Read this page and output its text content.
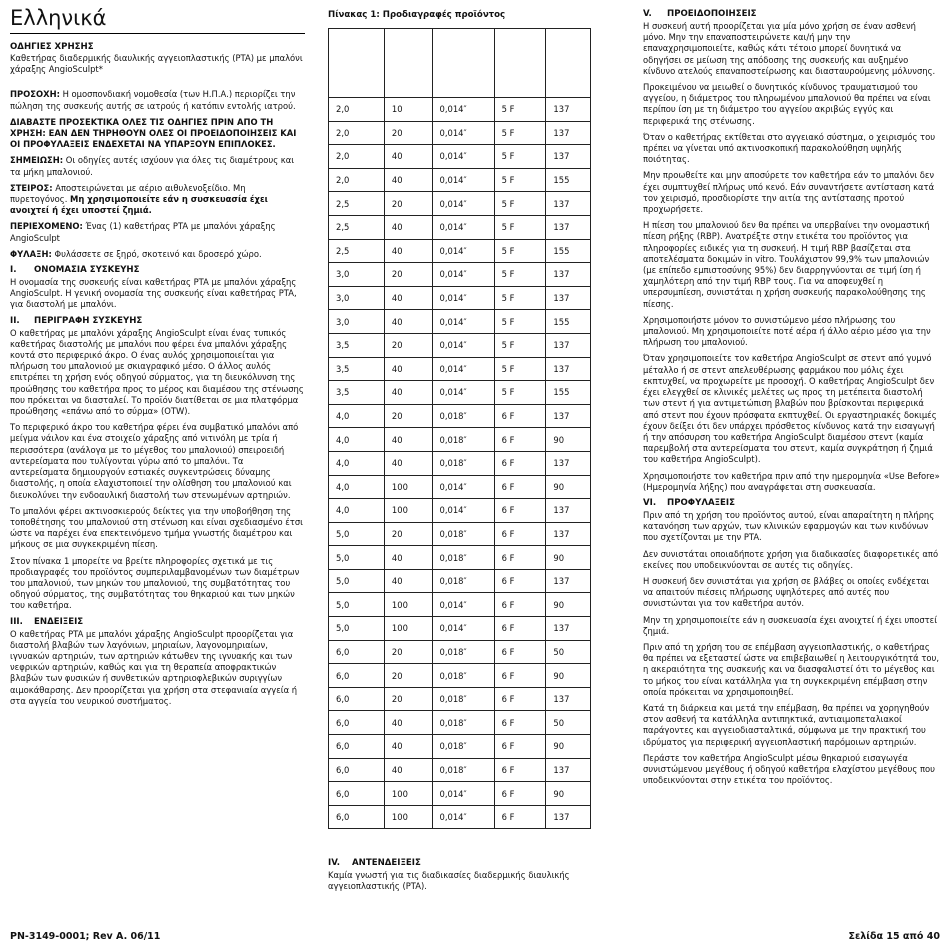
Ελληνικά

ΟΔΗΓΙΕΣ ΧΡΗΣΗΣ

Καθετήρας διαδερμικής διαυλικής αγγειοπλαστικής (PTA) με μπαλόνι χάραξης AngioSculpt*

ΠΡΟΣΟΧΗ: Η ομοσπονδιακή νομοθεσία (των Η.Π.Α.) περιορίζει την πώληση της συσκευής αυτής σε ιατρούς ή κατόπιν εντολής ιατρού.

ΔΙΑΒΑΣΤΕ ΠΡΟΣΕΚΤΙΚΑ ΟΛΕΣ ΤΙΣ ΟΔΗΓΙΕΣ ΠΡΙΝ ΑΠΟ ΤΗ ΧΡΗΣΗ: ΕΑΝ ΔΕΝ ΤΗΡΗΘΟΥΝ ΟΛΕΣ ΟΙ ΠΡΟΕΙΔΟΠΟΙΗΣΕΙΣ ΚΑΙ ΟΙ ΠΡΟΦΥΛΑΞΕΙΣ ΕΝΔΕΧΕΤΑΙ ΝΑ ΥΠΑΡΞΟΥΝ ΕΠΙΠΛΟΚΕΣ.

ΣΗΜΕΙΩΣΗ: Οι οδηγίες αυτές ισχύουν για όλες τις διαμέτρους και τα μήκη μπαλονιού.

ΣΤΕΙΡΟΣ: Αποστειρώνεται με αέριο αιθυλενοξείδιο. Μη πυρετογόνος. Μη χρησιμοποιείτε εάν η συσκευασία έχει ανοιχτεί ή έχει υποστεί ζημιά.

ΠΕΡΙΕΧΟΜΕΝΟ: Ένας (1) καθετήρας PTA με μπαλόνι χάραξης AngioSculpt

ΦΥΛΑΞΗ: Φυλάσσετε σε ξηρό, σκοτεινό και δροσερό χώρο.

I. ΟΝΟΜΑΣΙΑ ΣΥΣΚΕΥΗΣ

Η ονομασία της συσκευής είναι καθετήρας PTA με μπαλόνι χάραξης AngioSculpt. Η γενική ονομασία της συσκευής είναι καθετήρας PTA, για διαστολή με μπαλόνι.

II. ΠΕΡΙΓΡΑΦΗ ΣΥΣΚΕΥΗΣ

Ο καθετήρας με μπαλόνι χάραξης AngioSculpt είναι ένας τυπικός καθετήρας διαστολής με μπαλόνι που φέρει ένα μπαλόνι χάραξης κοντά στο περιφερικό άκρο. Ο ένας αυλός χρησιμοποιείται για πλήρωση του μπαλονιού με σκιαγραφικό μέσο. Ο άλλος αυλός επιτρέπει τη χρήση ενός οδηγού σύρματος, για τη διευκόλυνση της προώθησης του καθετήρα προς το μέρος και διαμέσου της στένωσης που πρόκειται να διασταλεί. Το προϊόν διατίθεται σε μια πλατφόρμα προώθησης «επάνω από το σύρμα» (OTW).

Το περιφερικό άκρο του καθετήρα φέρει ένα συμβατικό μπαλόνι από μείγμα νάιλον και ένα στοιχείο χάραξης από νιτινόλη με τρία ή περισσότερα (ανάλογα με το μέγεθος του μπαλονιού) σπειροειδή αντερείσματα που τυλίγονται γύρω από το μπαλόνι. Τα αντερείσματα δημιουργούν εστιακές συγκεντρώσεις δύναμης διαστολής, η οποία ελαχιστοποιεί την ολίσθηση του μπαλονιού και διευκολύνει την ενδοαυλική διαστολή των στενωμένων αρτηριών.

Το μπαλόνι φέρει ακτινοσκιερούς δείκτες για την υποβοήθηση της τοποθέτησης του μπαλονιού στη στένωση και είναι σχεδιασμένο έτσι ώστε να παρέχει ένα επεκτεινόμενο τμήμα γνωστής διαμέτρου και μήκους σε μια συγκεκριμένη πίεση.

Στον πίνακα 1 μπορείτε να βρείτε πληροφορίες σχετικά με τις προδιαγραφές του προϊόντος συμπεριλαμβανομένων των διαμέτρων του μπαλονιού, των μηκών του μπαλονιού, της συμβατότητας του οδηγού σύρματος, της συμβατότητας του θηκαριού και των μηκών του καθετήρα.

III. ΕΝΔΕΙΞΕΙΣ

Ο καθετήρας PTA με μπαλόνι χάραξης AngioSculpt προορίζεται για διαστολή βλαβών των λαγόνιων, μηριαίων, λαγονομηριαίων, ιγνυακών αρτηριών, των αρτηριών κάτωθεν της ιγνυακής και των νεφρικών αρτηριών, καθώς και για τη θεραπεία αποφρακτικών βλαβών των φυσικών ή συνθετικών αρτηριοφλεβικών συριγγίων αιμοκάθαρσης. Δεν προορίζεται για χρήση στα στεφανιαία αγγεία ή στα αγγεία του νευρικού συστήματος.

Πίνακας 1: Προδιαγραφές προϊόντος

2,0	10	0,014″	5 F	137
2,0	20	0,014″	5 F	137
2,0	40	0,014″	5 F	137
2,0	40	0,014″	5 F	155
2,5	20	0,014″	5 F	137
2,5	40	0,014″	5 F	137
2,5	40	0,014″	5 F	155
3,0	20	0,014″	5 F	137
3,0	40	0,014″	5 F	137
3,0	40	0,014″	5 F	155
3,5	20	0,014″	5 F	137
3,5	40	0,014″	5 F	137
3,5	40	0,014″	5 F	155
4,0	20	0,018″	6 F	137
4,0	40	0,018″	6 F	90
4,0	40	0,018″	6 F	137
4,0	100	0,014″	6 F	90
4,0	100	0,014″	6 F	137
5,0	20	0,018″	6 F	137
5,0	40	0,018″	6 F	90
5,0	40	0,018″	6 F	137
5,0	100	0,014″	6 F	90
5,0	100	0,014″	6 F	137
6,0	20	0,018″	6 F	50
6,0	20	0,018″	6 F	90
6,0	20	0,018″	6 F	137
6,0	40	0,018″	6 F	50
6,0	40	0,018″	6 F	90
6,0	40	0,018″	6 F	137
6,0	100	0,014″	6 F	90
6,0	100	0,014″	6 F	137

IV. ΑΝΤΕΝΔΕΙΞΕΙΣ

Καμία γνωστή για τις διαδικασίες διαδερμικής διαυλικής αγγειοπλαστικής (PTA).

V. ΠΡΟΕΙΔΟΠΟΙΗΣΕΙΣ

Η συσκευή αυτή προορίζεται για μία μόνο χρήση σε έναν ασθενή μόνο. Μην την επαναποστειρώνετε και/ή μην την επαναχρησιμοποιείτε, καθώς κάτι τέτοιο μπορεί δυνητικά να οδηγήσει σε μείωση της απόδοσης της συσκευής και αυξημένο κίνδυνο ατελούς επαναποστείρωσης και διασταυρούμενης μόλυνσης.

Προκειμένου να μειωθεί ο δυνητικός κίνδυνος τραυματισμού του αγγείου, η διάμετρος του πληρωμένου μπαλονιού θα πρέπει να είναι περίπου ίση με τη διάμετρο του αγγείου ακριβώς εγγύς και περιφερικά της στένωσης.

Όταν ο καθετήρας εκτίθεται στο αγγειακό σύστημα, ο χειρισμός του πρέπει να γίνεται υπό ακτινοσκοπική παρακολούθηση υψηλής ποιότητας.

Μην προωθείτε και μην αποσύρετε τον καθετήρα εάν το μπαλόνι δεν έχει συμπτυχθεί πλήρως υπό κενό. Εάν συναντήσετε αντίσταση κατά τον χειρισμό, προσδιορίστε την αιτία της αντίστασης προτού προχωρήσετε.

Η πίεση του μπαλονιού δεν θα πρέπει να υπερβαίνει την ονομαστική πίεση ρήξης (RBP). Ανατρέξτε στην ετικέτα του προϊόντος για πληροφορίες ειδικές για τη συσκευή. Η τιμή RBP βασίζεται στα αποτελέσματα δοκιμών in vitro. Τουλάχιστον 99,9% των μπαλονιών (με επίπεδο εμπιστοσύνης 95%) δεν διαρρηγνύονται σε τιμή ίση ή χαμηλότερη από την τιμή RBP τους. Για να αποφευχθεί η υπερσυμπίεση, συνιστάται η χρήση συσκευής παρακολούθησης της πίεσης.

Χρησιμοποιήστε μόνον το συνιστώμενο μέσο πλήρωσης του μπαλονιού. Μη χρησιμοποιείτε ποτέ αέρα ή άλλο αέριο μέσο για την πλήρωση του μπαλονιού.

Όταν χρησιμοποιείτε τον καθετήρα AngioSculpt σε στεντ από γυμνό μέταλλο ή σε στεντ απελευθέρωσης φαρμάκου που μόλις έχει εκπτυχθεί, να προχωρείτε με προσοχή. Ο καθετήρας AngioSculpt δεν έχει ελεγχθεί σε κλινικές μελέτες ως προς τη μετέπειτα διαστολή των στεντ ή για αντιμετώπιση βλαβών που βρίσκονται περιφερικά από στεντ που έχουν πρόσφατα εκπτυχθεί. Οι εργαστηριακές δοκιμές έχουν δείξει ότι δεν υπάρχει πρόσθετος κίνδυνος κατά την εισαγωγή ή την απόσυρση του καθετήρα AngioSculpt διαμέσου στεντ (καμία παρεμβολή στα αντερείσματα του στεντ, καμία συγκράτηση ή ζημιά του καθετήρα AngioSculpt).

Χρησιμοποιήστε τον καθετήρα πριν από την ημερομηνία «Use Before» (Ημερομηνία λήξης) που αναγράφεται στη συσκευασία.

VI. ΠΡΟΦΥΛΑΞΕΙΣ

Πριν από τη χρήση του προϊόντος αυτού, είναι απαραίτητη η πλήρης κατανόηση των αρχών, των κλινικών εφαρμογών και των κινδύνων που σχετίζονται με την PTA.

Δεν συνιστάται οποιαδήποτε χρήση για διαδικασίες διαφορετικές από εκείνες που υποδεικνύονται σε αυτές τις οδηγίες.

Η συσκευή δεν συνιστάται για χρήση σε βλάβες οι οποίες ενδέχεται να απαιτούν πιέσεις πλήρωσης υψηλότερες από αυτές που συνιστώνται για τον καθετήρα αυτόν.

Μην τη χρησιμοποιείτε εάν η συσκευασία έχει ανοιχτεί ή έχει υποστεί ζημιά.

Πριν από τη χρήση του σε επέμβαση αγγειοπλαστικής, ο καθετήρας θα πρέπει να εξεταστεί ώστε να επιβεβαιωθεί η λειτουργικότητά του, η ακεραιότητα της συσκευής και να διασφαλιστεί ότι το μέγεθος και το μήκος του είναι κατάλληλα για τη συγκεκριμένη επέμβαση στην οποία πρόκειται να χρησιμοποιηθεί.

Κατά τη διάρκεια και μετά την επέμβαση, θα πρέπει να χορηγηθούν στον ασθενή τα κατάλληλα αντιπηκτικά, αντιαιμοπεταλιακοί παράγοντες και αγγειοδιασταλτικά, σύμφωνα με την πρακτική του ιδρύματος για περιφερική αγγειοπλαστική παρόμοιων αρτηριών.

Περάστε τον καθετήρα AngioSculpt μέσω θηκαριού εισαγωγέα συνιστώμενου μεγέθους ή οδηγού καθετήρα ελαχίστου μεγέθους που υποδεικνύονται στην ετικέτα του προϊόντος.

PN-3149-0001; Rev A. 06/11	Σελίδα 15 από 40
